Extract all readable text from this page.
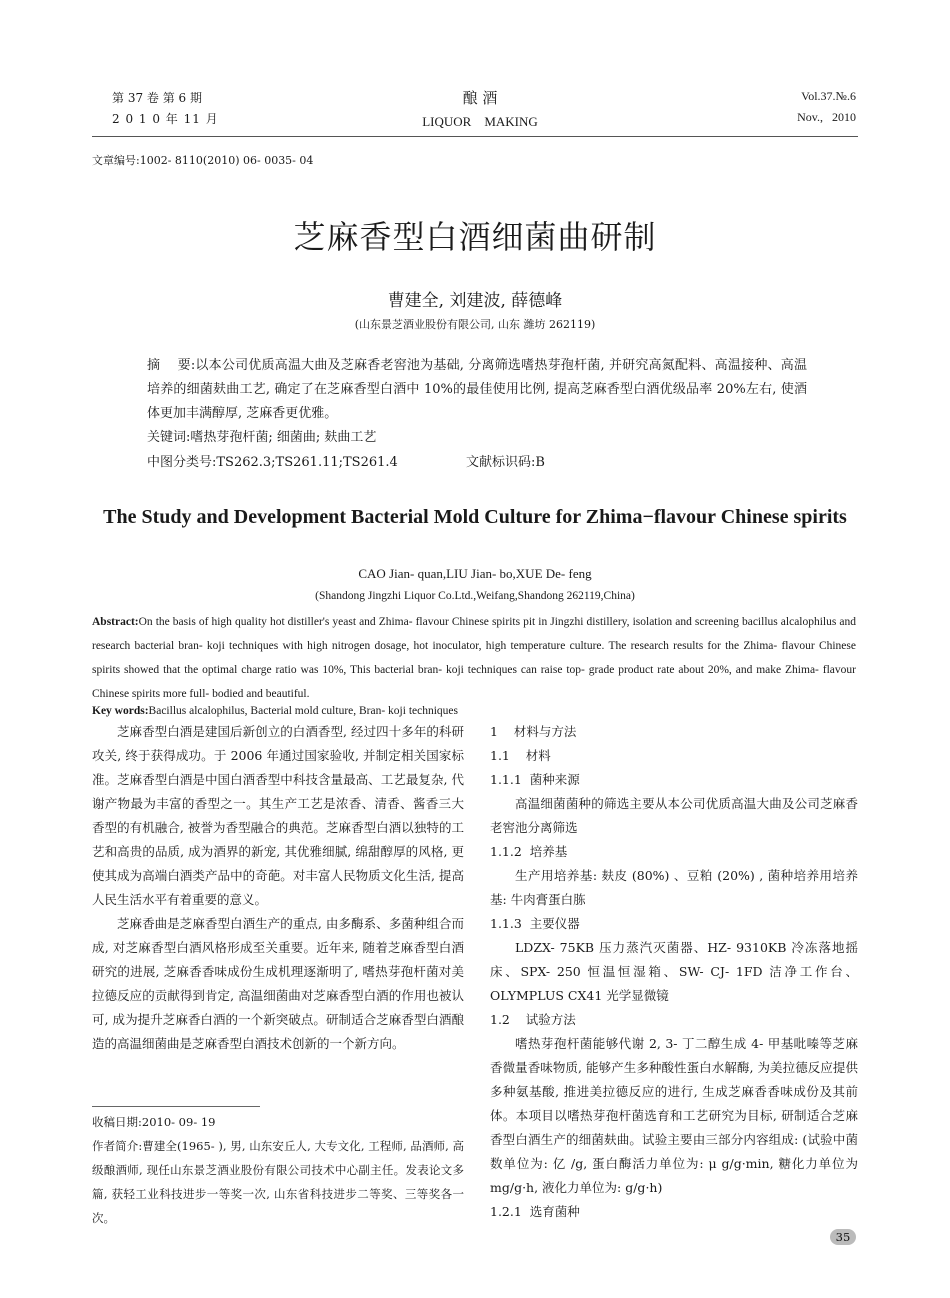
第 37 卷 第 6 期
2 0 1 0 年 11 月
酿 酒
LIQUOR    MAKING
Vol.37.№.6
Nov.,   2010
文章编号:1002- 8110(2010) 06- 0035- 04
芝麻香型白酒细菌曲研制
曹建全, 刘建波, 薛德峰
(山东景芝酒业股份有限公司, 山东 潍坊 262119)

摘    要:以本公司优质高温大曲及芝麻香老窖池为基础, 分离筛选嗜热芽孢杆菌, 并研究高氮配料、高温接种、高温培养的细菌麸曲工艺, 确定了在芝麻香型白酒中 10%的最佳使用比例, 提高芝麻香型白酒优级品率 20%左右, 使酒体更加丰满醇厚, 芝麻香更优雅。

关键词:嗜热芽孢杆菌; 细菌曲; 麸曲工艺
中图分类号:TS262.3;TS261.11;TS261.4	文献标识码:B
The Study and Development Bacterial Mold Culture for Zhima−flavour Chinese spirits
CAO Jian- quan,LIU Jian- bo,XUE De- feng
(Shandong Jingzhi Liquor Co.Ltd.,Weifang,Shandong 262119,China)
Abstract:On the basis of high quality hot distiller's yeast and Zhima- flavour Chinese spirits pit in Jingzhi distillery, isolation and screening bacillus alcalophilus and research bacterial bran- koji techniques with high nitrogen dosage, hot inoculator, high temperature culture. The research results for the Zhima- flavour Chinese spirits showed that the optimal charge ratio was 10%, This bacterial bran- koji techniques can raise top- grade product rate about 20%, and make Zhima- flavour Chinese spirits more full- bodied and beautiful.
Key words:Bacillus alcalophilus, Bacterial mold culture, Bran- koji techniques

芝麻香型白酒是建国后新创立的白酒香型, 经过四十多年的科研攻关, 终于获得成功。于 2006 年通过国家验收, 并制定相关国家标准。芝麻香型白酒是中国白酒香型中科技含量最高、工艺最复杂, 代谢产物最为丰富的香型之一。其生产工艺是浓香、清香、酱香三大香型的有机融合, 被誉为香型融合的典范。芝麻香型白酒以独特的工艺和高贵的品质, 成为酒界的新宠, 其优雅细腻, 绵甜醇厚的风格, 更使其成为高端白酒类产品中的奇葩。对丰富人民物质文化生活, 提高人民生活水平有着重要的意义。

芝麻香曲是芝麻香型白酒生产的重点, 由多酶系、多菌种组合而成, 对芝麻香型白酒风格形成至关重要。近年来, 随着芝麻香型白酒研究的进展, 芝麻香香味成份生成机理逐渐明了, 嗜热芽孢杆菌对美拉德反应的贡献得到肯定, 高温细菌曲对芝麻香型白酒的作用也被认可, 成为提升芝麻香白酒的一个新突破点。研制适合芝麻香型白酒酿造的高温细菌曲是芝麻香型白酒技术创新的一个新方向。

收稿日期:2010- 09- 19

作者简介:曹建全(1965- ), 男, 山东安丘人, 大专文化, 工程师, 品酒师, 高级酿酒师, 现任山东景芝酒业股份有限公司技术中心副主任。发表论文多篇, 获轻工业科技进步一等奖一次, 山东省科技进步二等奖、三等奖各一次。

1    材料与方法

1.1    材料

1.1.1  菌种来源

高温细菌菌种的筛选主要从本公司优质高温大曲及公司芝麻香老窖池分离筛选

1.1.2  培养基

生产用培养基: 麸皮 (80%) 、豆粕 (20%) , 菌种培养用培养基: 牛肉膏蛋白胨

1.1.3  主要仪器

LDZX- 75KB 压力蒸汽灭菌器、HZ- 9310KB 冷冻落地摇床、SPX- 250 恒温恒湿箱、SW- CJ- 1FD 洁净工作台、OLYMPLUS CX41 光学显微镜

1.2    试验方法

嗜热芽孢杆菌能够代谢 2, 3- 丁二醇生成 4- 甲基吡嗪等芝麻香微量香味物质, 能够产生多种酸性蛋白水解酶, 为美拉德反应提供多种氨基酸, 推进美拉德反应的进行, 生成芝麻香香味成份及其前体。本项目以嗜热芽孢杆菌选育和工艺研究为目标, 研制适合芝麻香型白酒生产的细菌麸曲。试验主要由三部分内容组成: (试验中菌数单位为: 亿 /g, 蛋白酶活力单位为: μ g/g·min, 糖化力单位为 mg/g·h, 液化力单位为: g/g·h)

1.2.1  选育菌种

35
